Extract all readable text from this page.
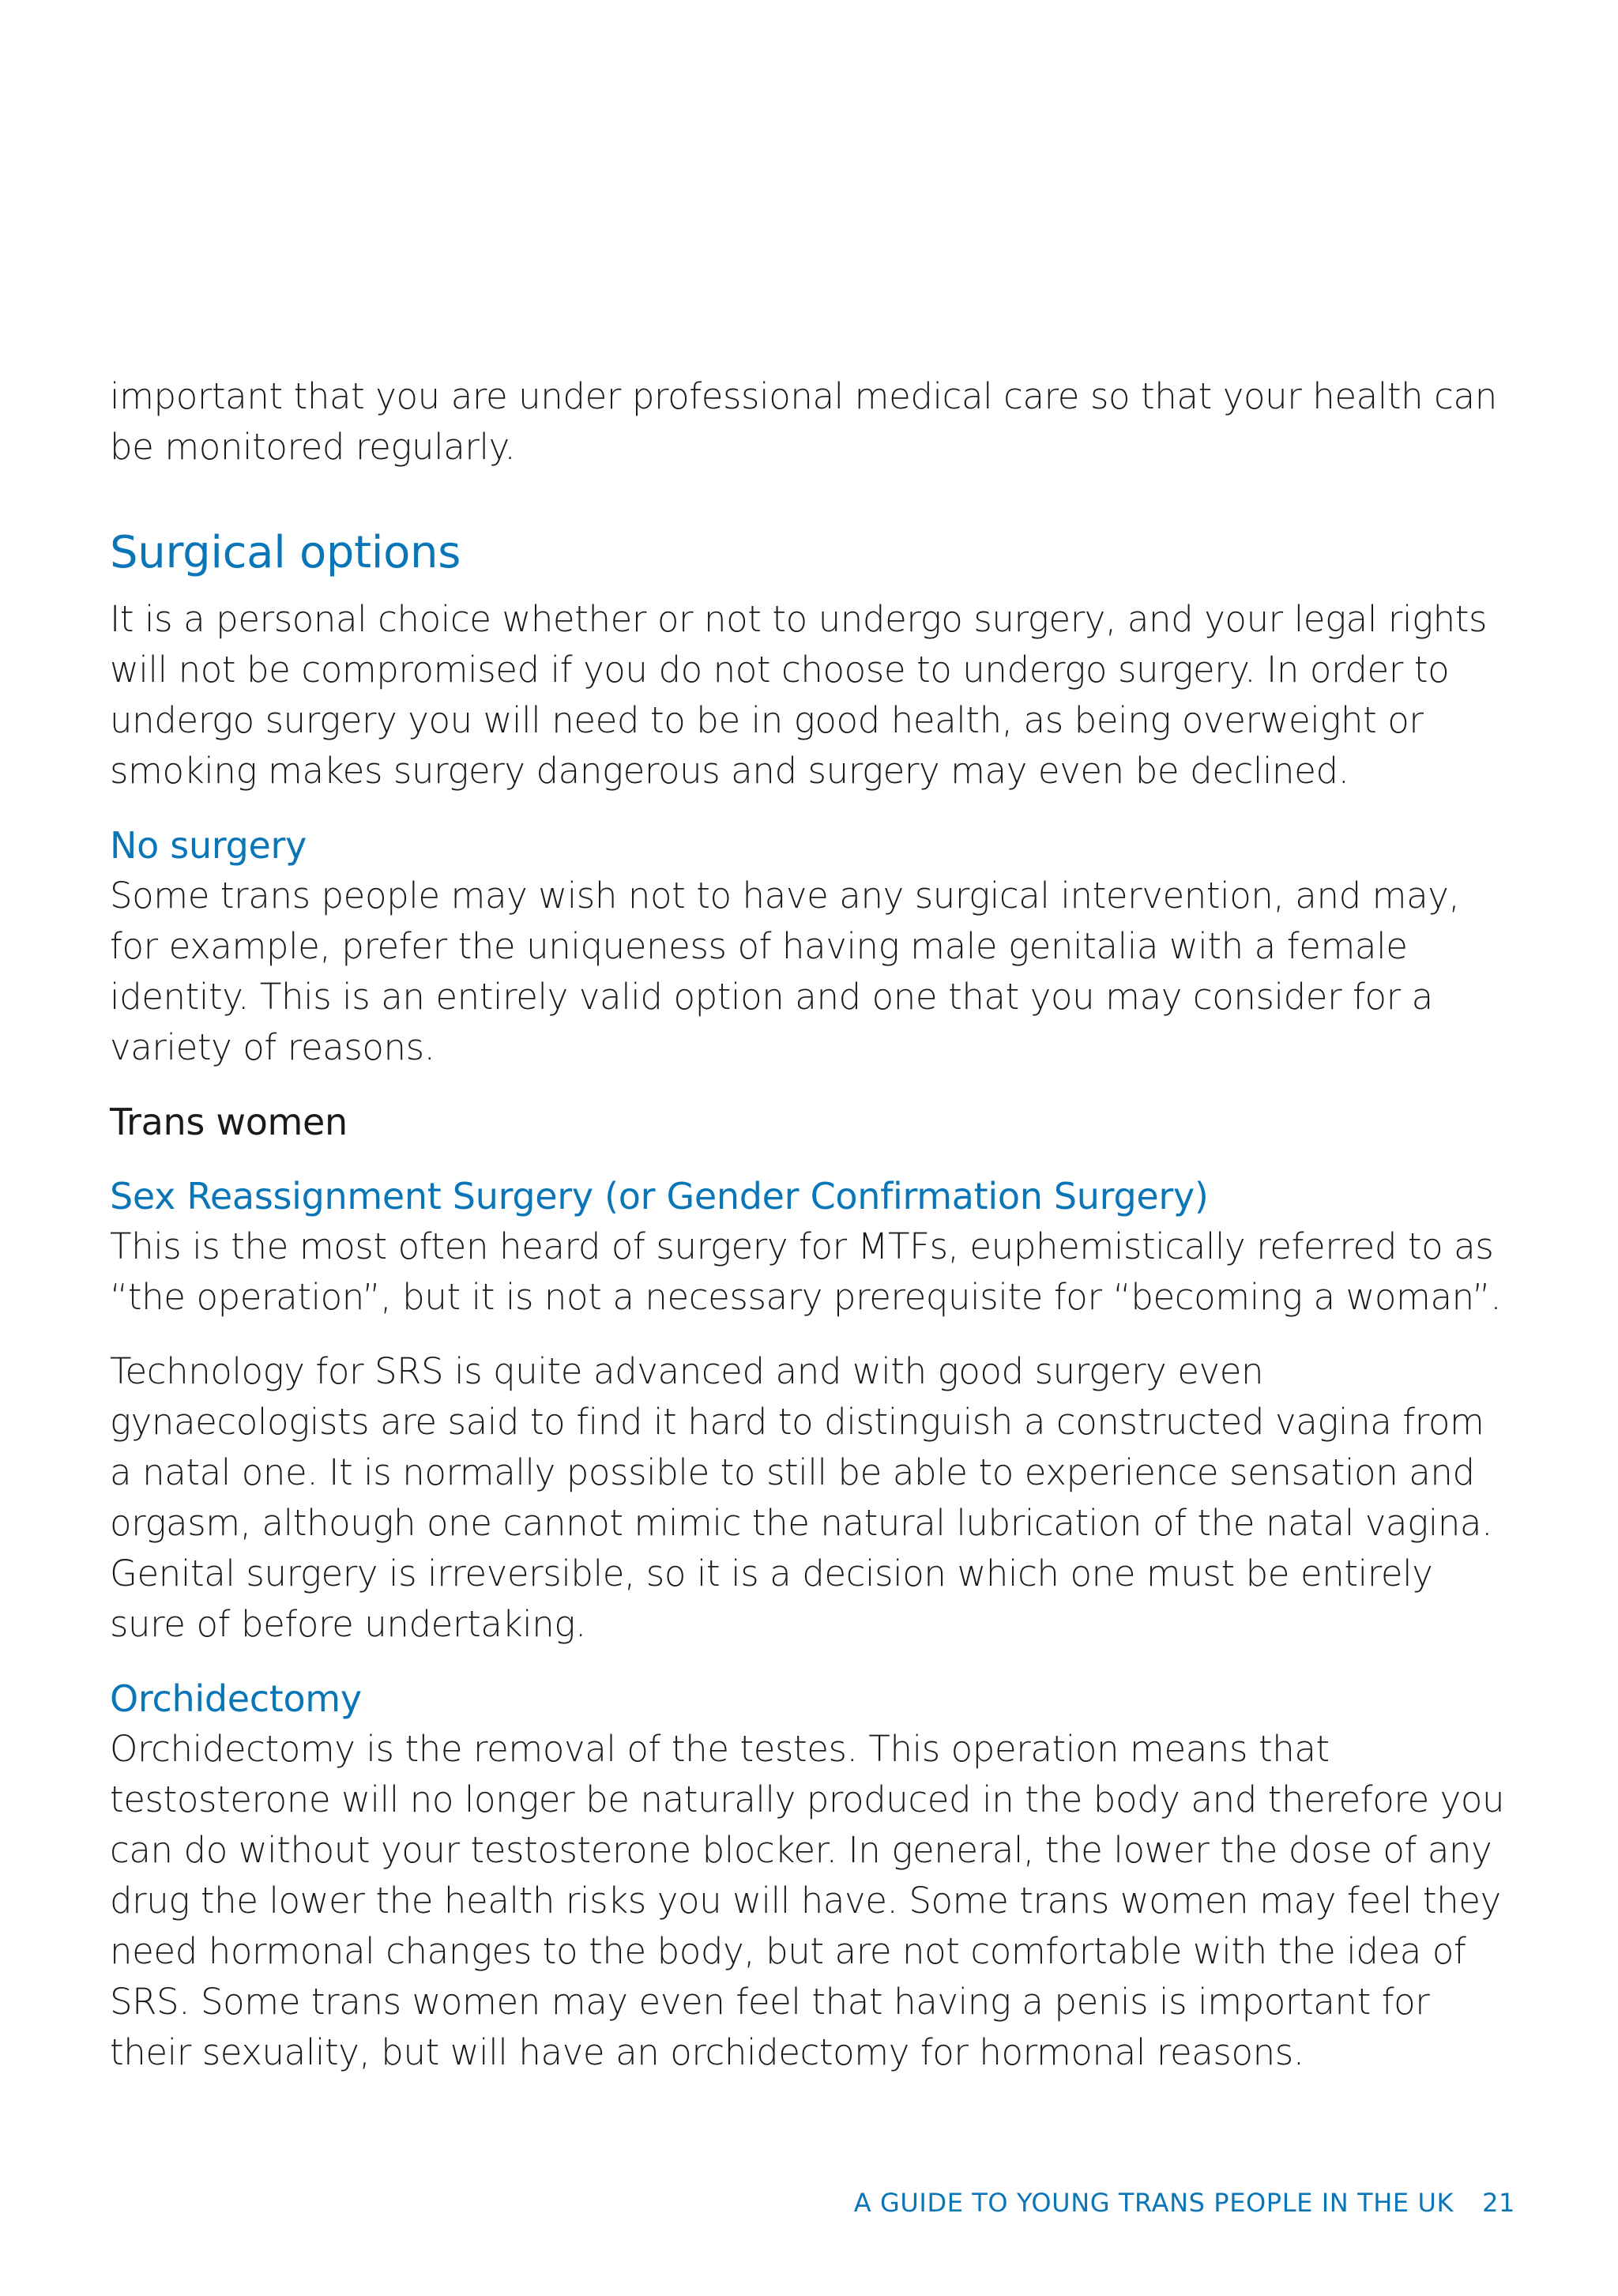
important that you are under professional medical care so that your health can be monitored regularly.

Surgical options

It is a personal choice whether or not to undergo surgery, and your legal rights will not be compromised if you do not choose to undergo surgery. In order to undergo surgery you will need to be in good health, as being overweight or smoking makes surgery dangerous and surgery may even be declined.

No surgery

Some trans people may wish not to have any surgical intervention, and may, for example, prefer the uniqueness of having male genitalia with a female identity. This is an entirely valid option and one that you may consider for a variety of reasons.

Trans women
Sex Reassignment Surgery (or Gender Confirmation Surgery)

This is the most often heard of surgery for MTFs, euphemistically referred to as “the operation”, but it is not a necessary prerequisite for “becoming a woman”.

Technology for SRS is quite advanced and with good surgery even gynaecologists are said to find it hard to distinguish a constructed vagina from a natal one. It is normally possible to still be able to experience sensation and orgasm, although one cannot mimic the natural lubrication of the natal vagina. Genital surgery is irreversible, so it is a decision which one must be entirely sure of before undertaking.

Orchidectomy

Orchidectomy is the removal of the testes. This operation means that testosterone will no longer be naturally produced in the body and therefore you can do without your testosterone blocker. In general, the lower the dose of any drug the lower the health risks you will have. Some trans women may feel they need hormonal changes to the body, but are not comfortable with the idea of SRS. Some trans women may even feel that having a penis is important for their sexuality, but will have an orchidectomy for hormonal reasons.

A GUIDE TO YOUNG TRANS PEOPLE IN THE UK 21
